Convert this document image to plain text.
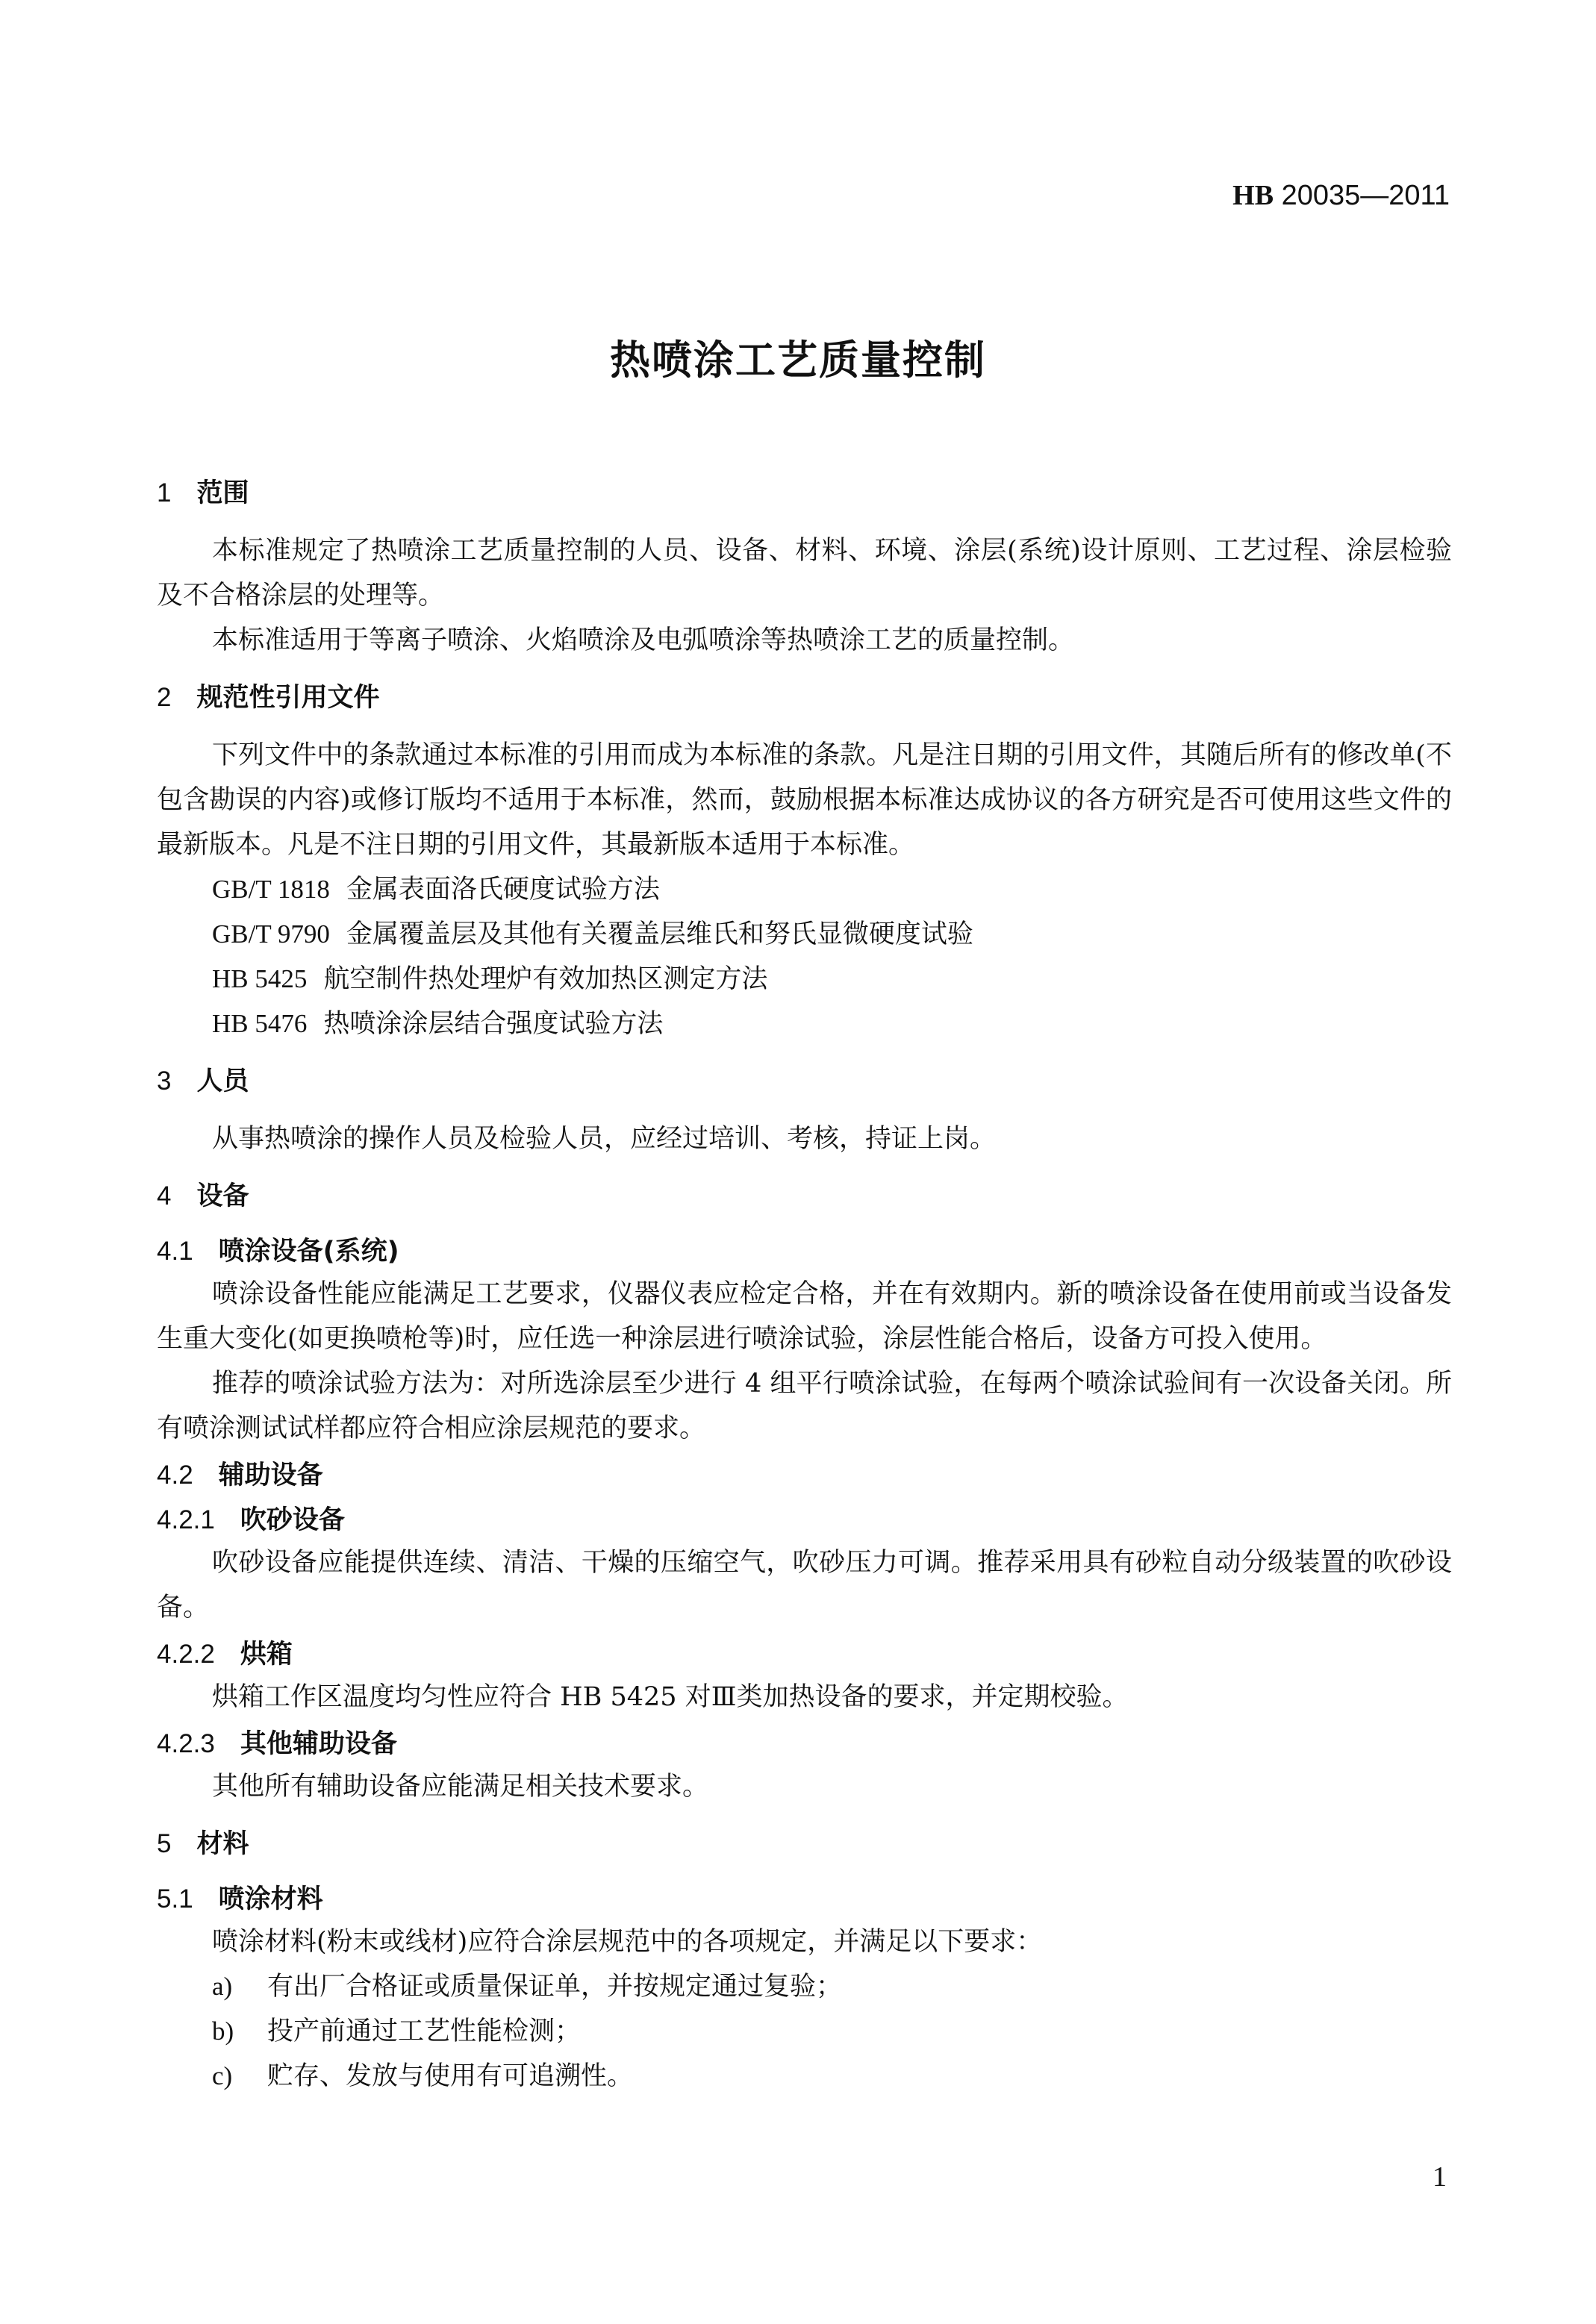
HB 20035—2011
热喷涂工艺质量控制
1 范围

本标准规定了热喷涂工艺质量控制的人员、设备、材料、环境、涂层(系统)设计原则、工艺过程、涂层检验及不合格涂层的处理等。

本标准适用于等离子喷涂、火焰喷涂及电弧喷涂等热喷涂工艺的质量控制。

2 规范性引用文件

下列文件中的条款通过本标准的引用而成为本标准的条款。凡是注日期的引用文件，其随后所有的修改单(不包含勘误的内容)或修订版均不适用于本标准，然而，鼓励根据本标准达成协议的各方研究是否可使用这些文件的最新版本。凡是不注日期的引用文件，其最新版本适用于本标准。

GB/T 1818 金属表面洛氏硬度试验方法
GB/T 9790 金属覆盖层及其他有关覆盖层维氏和努氏显微硬度试验
HB 5425 航空制件热处理炉有效加热区测定方法
HB 5476 热喷涂涂层结合强度试验方法
3 人员

从事热喷涂的操作人员及检验人员，应经过培训、考核，持证上岗。

4 设备
4.1 喷涂设备(系统)

喷涂设备性能应能满足工艺要求，仪器仪表应检定合格，并在有效期内。新的喷涂设备在使用前或当设备发生重大变化(如更换喷枪等)时，应任选一种涂层进行喷涂试验，涂层性能合格后，设备方可投入使用。

推荐的喷涂试验方法为：对所选涂层至少进行 4 组平行喷涂试验，在每两个喷涂试验间有一次设备关闭。所有喷涂测试试样都应符合相应涂层规范的要求。

4.2 辅助设备
4.2.1 吹砂设备

吹砂设备应能提供连续、清洁、干燥的压缩空气，吹砂压力可调。推荐采用具有砂粒自动分级装置的吹砂设备。

4.2.2 烘箱

烘箱工作区温度均匀性应符合 HB 5425 对Ⅲ类加热设备的要求，并定期校验。

4.2.3 其他辅助设备

其他所有辅助设备应能满足相关技术要求。

5 材料
5.1 喷涂材料

喷涂材料(粉末或线材)应符合涂层规范中的各项规定，并满足以下要求：

a) 有出厂合格证或质量保证单，并按规定通过复验；
b) 投产前通过工艺性能检测；
c) 贮存、发放与使用有可追溯性。
1
